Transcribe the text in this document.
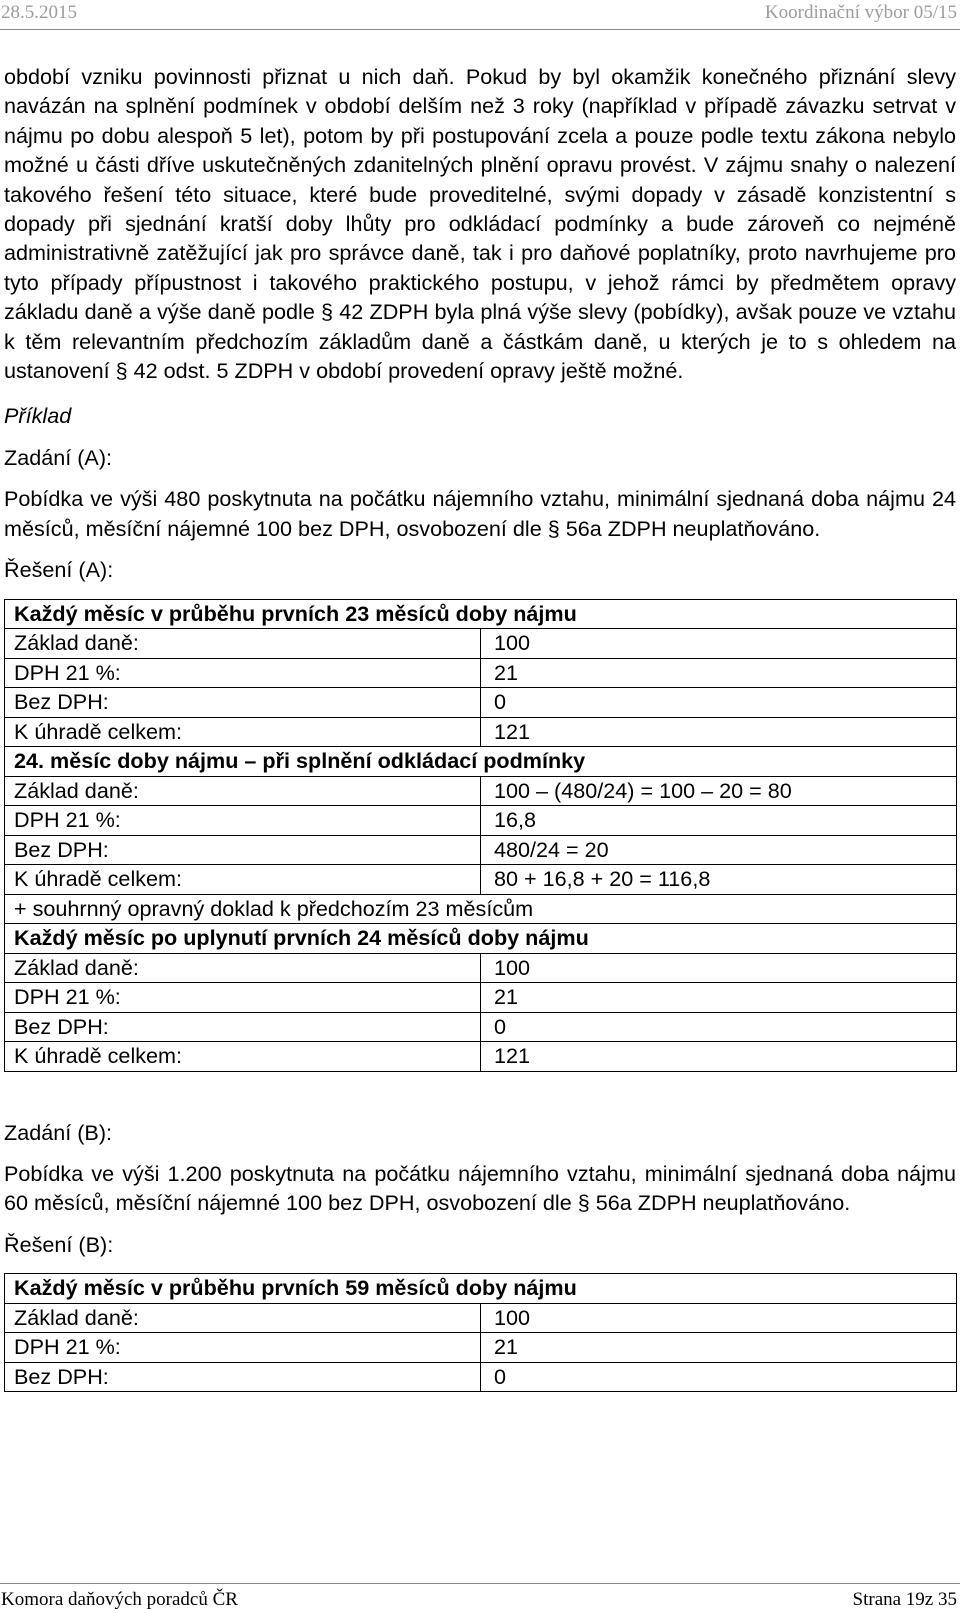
28.5.2015	Koordinační výbor 05/15

období vzniku povinnosti přiznat u nich daň. Pokud by byl okamžik konečného přiznání slevy navázán na splnění podmínek v období delším než 3 roky (například v případě závazku setrvat v nájmu po dobu alespoň 5 let), potom by při postupování zcela a pouze podle textu zákona nebylo možné u části dříve uskutečněných zdanitelných plnění opravu provést. V zájmu snahy o nalezení takového řešení této situace, které bude proveditelné, svými dopady v zásadě konzistentní s dopady při sjednání kratší doby lhůty pro odkládací podmínky a bude zároveň co nejméně administrativně zatěžující jak pro správce daně, tak i pro daňové poplatníky, proto navrhujeme pro tyto případy přípustnost i takového praktického postupu, v jehož rámci by předmětem opravy základu daně a výše daně podle § 42 ZDPH byla plná výše slevy (pobídky), avšak pouze ve vztahu k těm relevantním předchozím základům daně a částkám daně, u kterých je to s ohledem na ustanovení § 42 odst. 5 ZDPH v období provedení opravy ještě možné.

Příklad

Zadání (A):

Pobídka ve výši 480 poskytnuta na počátku nájemního vztahu, minimální sjednaná doba nájmu 24 měsíců, měsíční nájemné 100 bez DPH, osvobození dle § 56a ZDPH neuplatňováno.

Řešení (A):

Každý měsíc v průběhu prvních 23 měsíců doby nájmu	
Základ daně:	100
DPH 21 %:	21
Bez DPH:	0
K úhradě celkem:	121
24. měsíc doby nájmu – při splnění odkládací podmínky	
Základ daně:	100 – (480/24) = 100 – 20 = 80
DPH 21 %:	16,8
Bez DPH:	480/24 = 20
K úhradě celkem:	80 + 16,8 + 20 = 116,8
+ souhrnný opravný doklad k předchozím 23 měsícům	
Každý měsíc po uplynutí prvních 24 měsíců doby nájmu	
Základ daně:	100
DPH 21 %:	21
Bez DPH:	0
K úhradě celkem:	121

Zadání (B):

Pobídka ve výši 1.200 poskytnuta na počátku nájemního vztahu, minimální sjednaná doba nájmu 60 měsíců, měsíční nájemné 100 bez DPH, osvobození dle § 56a ZDPH neuplatňováno.

Řešení (B):

Každý měsíc v průběhu prvních 59 měsíců doby nájmu	
Základ daně:	100
DPH 21 %:	21
Bez DPH:	0
Komora daňových poradců ČR	Strana 19z 35
